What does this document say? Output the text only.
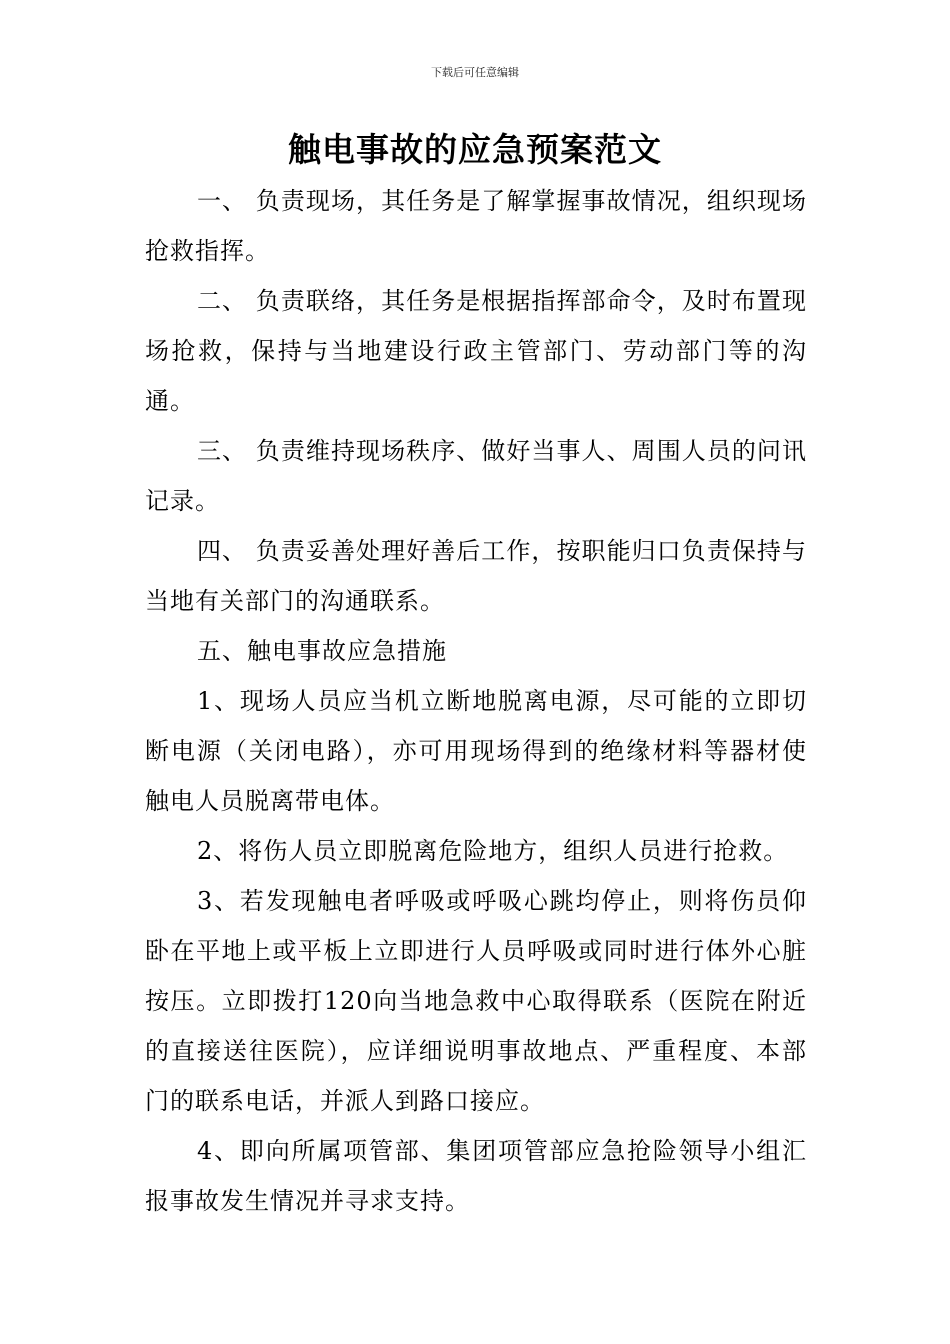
下载后可任意编辑
触电事故的应急预案范文

一、 负责现场，其任务是了解掌握事故情况，组织现场抢救指挥。

二、 负责联络，其任务是根据指挥部命令，及时布置现场抢救，保持与当地建设行政主管部门、劳动部门等的沟通。

三、 负责维持现场秩序、做好当事人、周围人员的问讯记录。

四、 负责妥善处理好善后工作，按职能归口负责保持与当地有关部门的沟通联系。

五、触电事故应急措施

1、现场人员应当机立断地脱离电源，尽可能的立即切断电源（关闭电路），亦可用现场得到的绝缘材料等器材使触电人员脱离带电体。

2、将伤人员立即脱离危险地方，组织人员进行抢救。

3、若发现触电者呼吸或呼吸心跳均停止，则将伤员仰卧在平地上或平板上立即进行人员呼吸或同时进行体外心脏按压。立即拨打120向当地急救中心取得联系（医院在附近的直接送往医院），应详细说明事故地点、严重程度、本部门的联系电话，并派人到路口接应。

4、即向所属项管部、集团项管部应急抢险领导小组汇报事故发生情况并寻求支持。
